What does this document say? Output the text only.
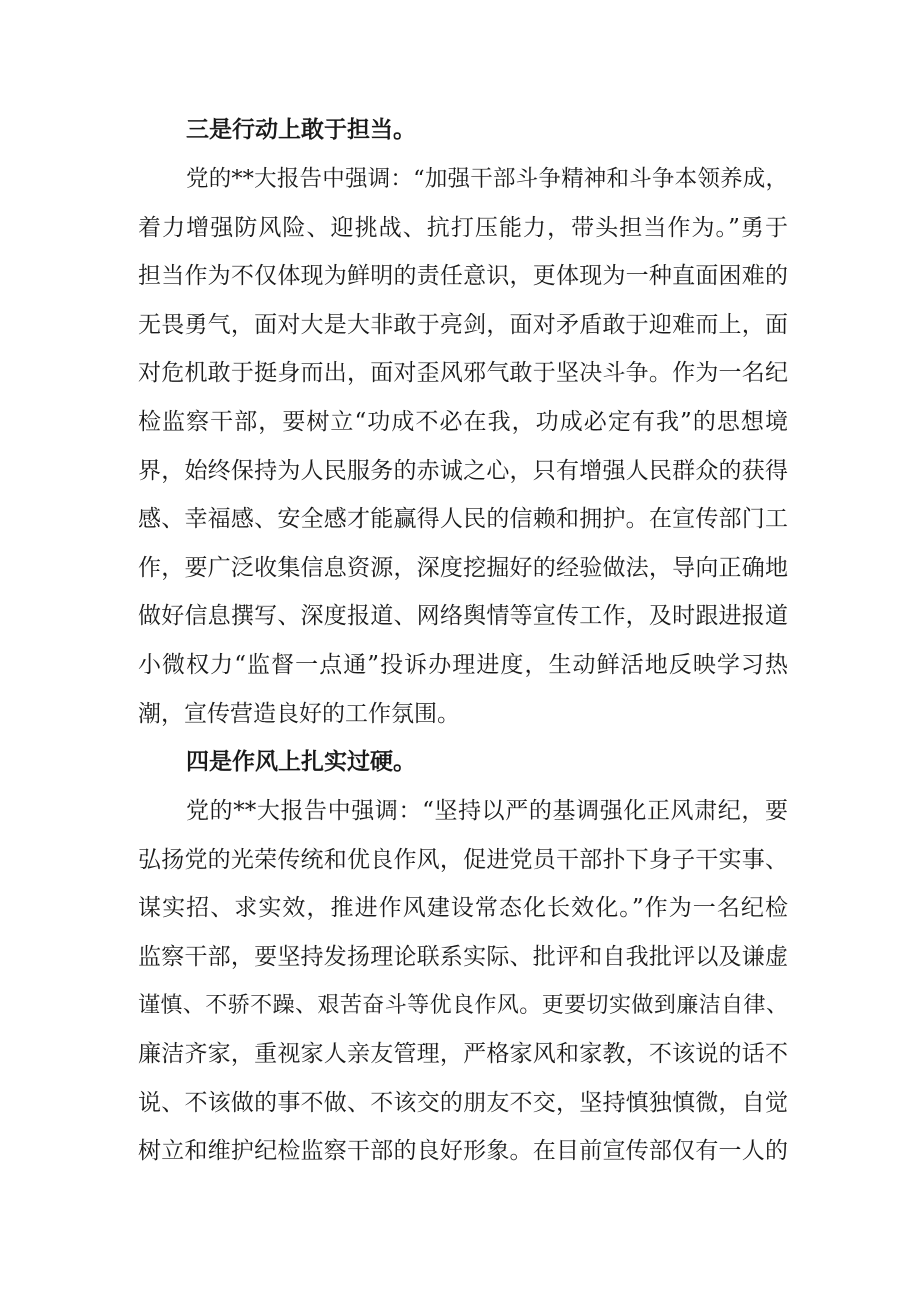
三是行动上敢于担当。

党的**大报告中强调：“加强干部斗争精神和斗争本领养成，
着力增强防风险、迎挑战、抗打压能力，带头担当作为。”勇于
担当作为不仅体现为鲜明的责任意识，更体现为一种直面困难的
无畏勇气，面对大是大非敢于亮剑，面对矛盾敢于迎难而上，面
对危机敢于挺身而出，面对歪风邪气敢于坚决斗争。作为一名纪
检监察干部，要树立“功成不必在我，功成必定有我”的思想境
界，始终保持为人民服务的赤诚之心，只有增强人民群众的获得
感、幸福感、安全感才能赢得人民的信赖和拥护。在宣传部门工
作，要广泛收集信息资源，深度挖掘好的经验做法，导向正确地
做好信息撰写、深度报道、网络舆情等宣传工作，及时跟进报道
小微权力“监督一点通”投诉办理进度，生动鲜活地反映学习热
潮，宣传营造良好的工作氛围。

四是作风上扎实过硬。

党的**大报告中强调：“坚持以严的基调强化正风肃纪，要
弘扬党的光荣传统和优良作风，促进党员干部扑下身子干实事、
谋实招、求实效，推进作风建设常态化长效化。”作为一名纪检
监察干部，要坚持发扬理论联系实际、批评和自我批评以及谦虚
谨慎、不骄不躁、艰苦奋斗等优良作风。更要切实做到廉洁自律、
廉洁齐家，重视家人亲友管理，严格家风和家教，不该说的话不
说、不该做的事不做、不该交的朋友不交，坚持慎独慎微，自觉
树立和维护纪检监察干部的良好形象。在目前宣传部仅有一人的
